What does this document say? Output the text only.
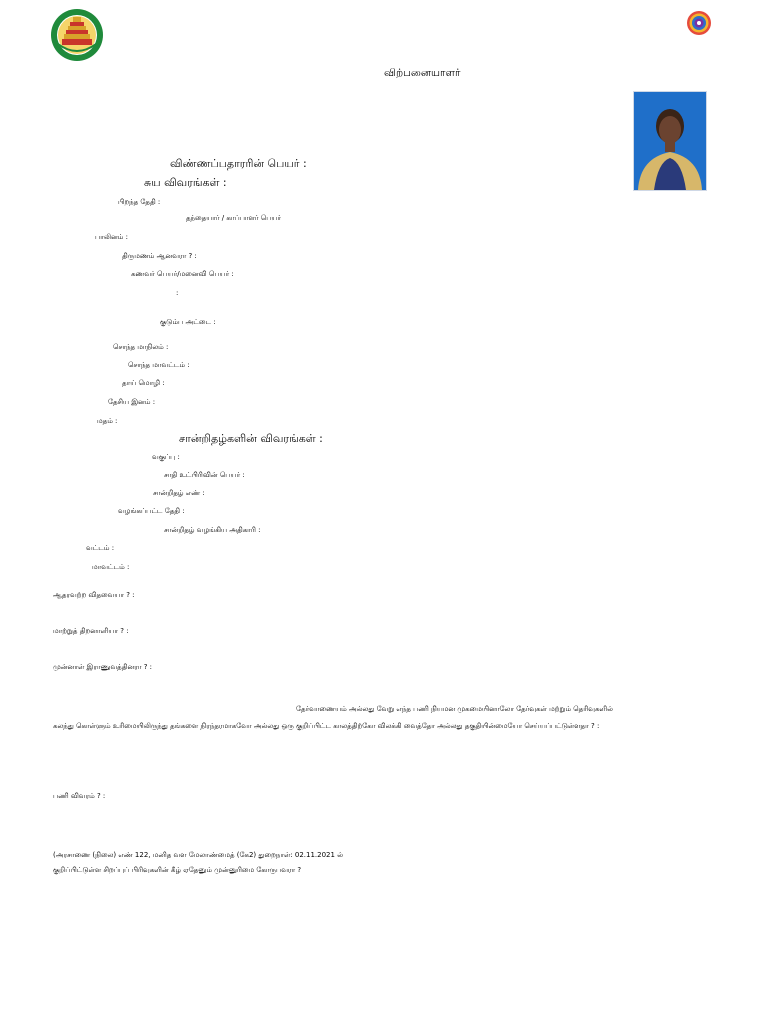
விற்பனையாளர்
விண்ணப்பதாரரின் பெயர் :
சுய விவரங்கள் :
பிறந்த தேதி :
தந்தையார் / காப்பாளர் பெயர்
பாலினம் :
திருமணம் ஆனவரா ? :
கணவர் பெயர்/மனைவி பெயர் :
:
குடும்ப அட்டை :
சொந்த மாநிலம் :
சொந்த மாவட்டம் :
தாய் மொழி :
தேசிய இனம் :
மதம் :
சான்றிதழ்களின் விவரங்கள் :
வகுப்பு :
சாதி உட்பிரிவின் பெயர் :
சான்றிதழ் எண் :
வழங்கப்பட்ட தேதி :
சான்றிதழ் வழங்கிய அதிகாரி :
வட்டம் :
மாவட்டம் :
ஆதரவற்ற விதவையா ? :
மாற்றுத் திறனாளியா ? :
முன்னாள் இராணுவத்தினரா ? :
தேர்வாணையம் அல்லது வேறு எந்த பணி நியமன முகமையினாலோ தேர்வுகள் மற்றும் தெரிவுகளில்
கலந்து கொள்ளும் உரிமையிலிருந்து தங்களை நிரந்தரமாகவோ அல்லது ஒரு குறிப்பிட்ட காலத்திற்கோ விலக்கி வைத்தோ அல்லது தகுதியின்மையோ செய்யப்பட்டுள்ளதா ? :
பணி விவரம் ? :
(அரசாணை (நிலை) எண் 122, மனித வள மேலாண்மைத் (கே2) துறைநாள்: 02.11.2021 ல்
குறிப்பிட்டுள்ள சிறப்புப் பிரிவுகளின் கீழ் ஏதேனும் முன்னுரிமை கோருபவரா ?
